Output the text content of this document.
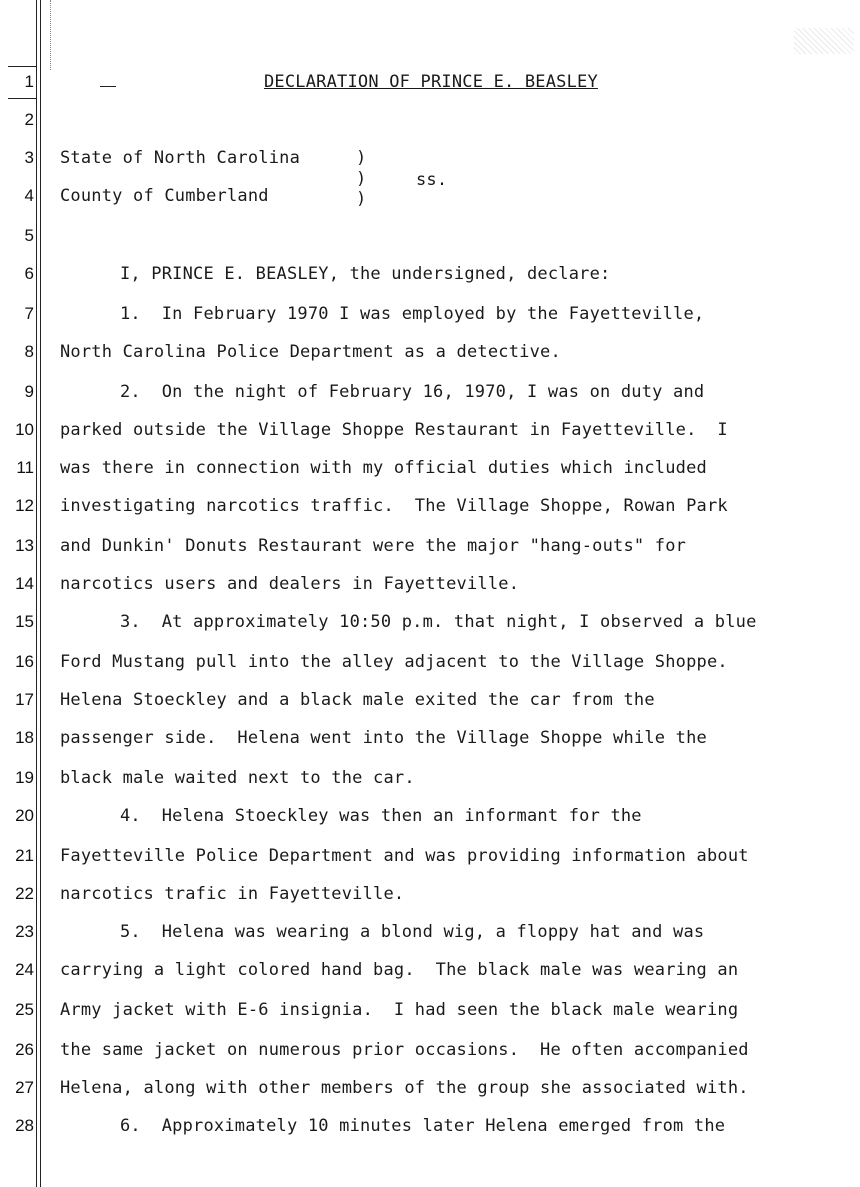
1
2
3
4
5
6
7
8
9
10
11
12
13
14
15
16
17
18
19
20
21
22
23
24
25
26
27
28
DECLARATION OF PRINCE E. BEASLEY
State of North Carolina	)
)	ss.
County of Cumberland	)
I, PRINCE E. BEASLEY, the undersigned, declare:
1.  In February 1970 I was employed by the Fayetteville,
North Carolina Police Department as a detective.
2.  On the night of February 16, 1970, I was on duty and
parked outside the Village Shoppe Restaurant in Fayetteville.  I
was there in connection with my official duties which included
investigating narcotics traffic.  The Village Shoppe, Rowan Park
and Dunkin' Donuts Restaurant were the major "hang-outs" for
narcotics users and dealers in Fayetteville.
3.  At approximately 10:50 p.m. that night, I observed a blue
Ford Mustang pull into the alley adjacent to the Village Shoppe.
Helena Stoeckley and a black male exited the car from the
passenger side.  Helena went into the Village Shoppe while the
black male waited next to the car.
4.  Helena Stoeckley was then an informant for the
Fayetteville Police Department and was providing information about
narcotics trafic in Fayetteville.
5.  Helena was wearing a blond wig, a floppy hat and was
carrying a light colored hand bag.  The black male was wearing an
Army jacket with E-6 insignia.  I had seen the black male wearing
the same jacket on numerous prior occasions.  He often accompanied
Helena, along with other members of the group she associated with.
6.  Approximately 10 minutes later Helena emerged from the
